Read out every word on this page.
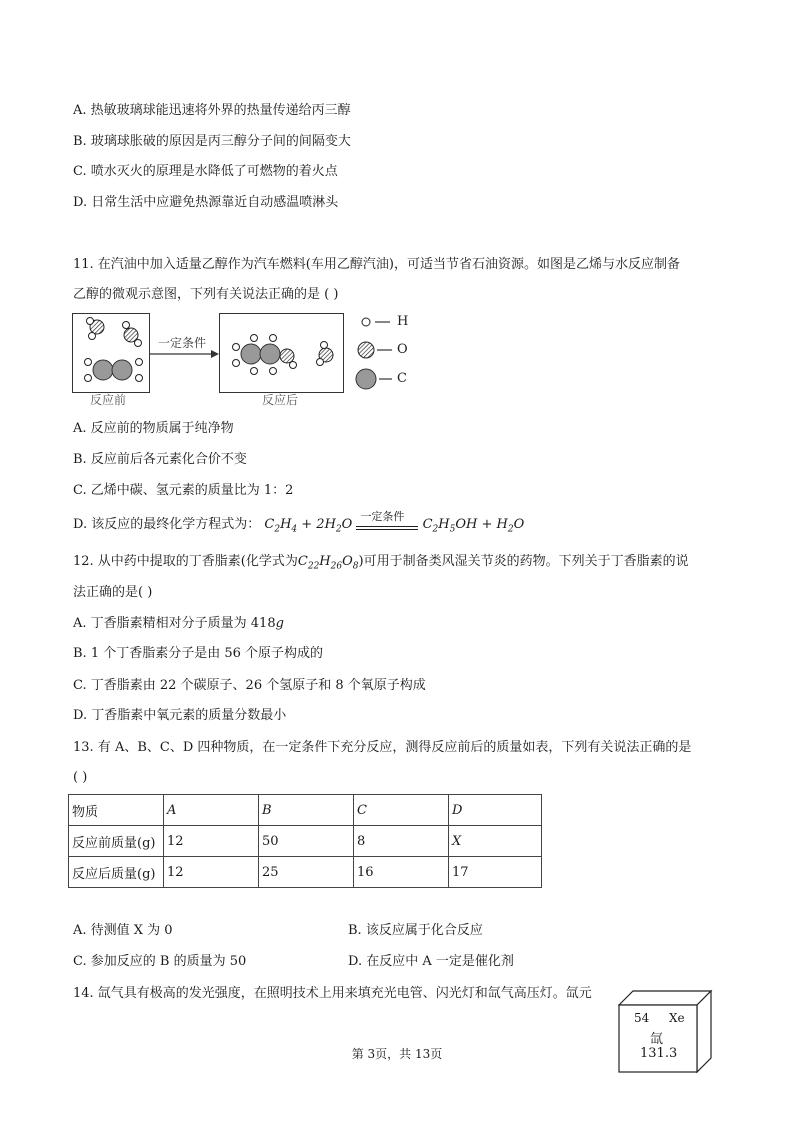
A. 热敏玻璃球能迅速将外界的热量传递给丙三醇
B. 玻璃球胀破的原因是丙三醇分子间的间隔变大
C. 喷水灭火的原理是水降低了可燃物的着火点
D. 日常生活中应避免热源靠近自动感温喷淋头
11. 在汽油中加入适量乙醇作为汽车燃料(车用乙醇汽油)，可适当节省石油资源。如图是乙烯与水反应制备
乙醇的微观示意图，下列有关说法正确的是 ( )
反应前	反应后
一定条件
H
O
C
A. 反应前的物质属于纯净物
B. 反应前后各元素化合价不变
C. 乙烯中碳、氢元素的质量比为 1：2
D. 该反应的最终化学方程式为： $C_2H_4 + 2H_2O$
一定条件
$C_2H_5OH + H_2O$
12. 从中药中提取的丁香脂素(化学式为$C_{22}H_{26}O_8$)可用于制备类风湿关节炎的药物。下列关于丁香脂素的说
法正确的是( )
A. 丁香脂素精相对分子质量为 418g
B. 1 个丁香脂素分子是由 56 个原子构成的
C. 丁香脂素由 22 个碳原子、26 个氢原子和 8 个氧原子构成
D. 丁香脂素中氧元素的质量分数最小
13. 有 A、B、C、D 四种物质，在一定条件下充分反应，测得反应前后的质量如表，下列有关说法正确的是
( )
物质	A	B	C	D
反应前质量(g)	12	50	8	X
反应后质量(g)	12	25	16	17
A. 待测值 X 为 0	B. 该反应属于化合反应
C. 参加反应的 B 的质量为 50	D. 在反应中 A 一定是催化剂
14. 氙气具有极高的发光强度，在照明技术上用来填充光电管、闪光灯和氙气高压灯。氙元
54 Xe
氙
131.3
第 3页，共 13页
